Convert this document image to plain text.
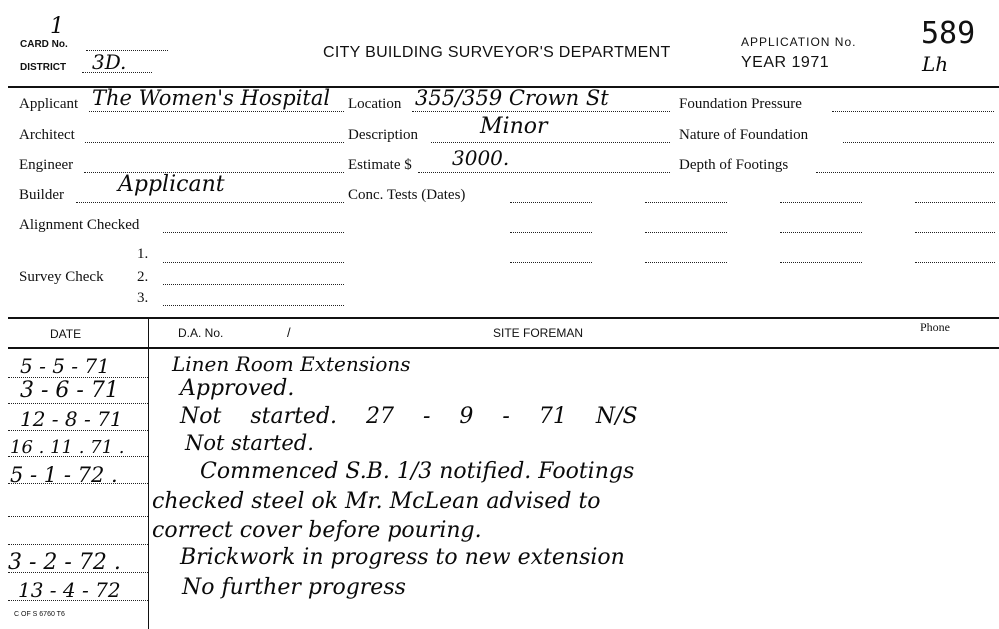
CARD No.
1
DISTRICT 3D.	CITY BUILDING SURVEYOR'S DEPARTMENT
APPLICATION No. 589
YEAR 1971	Lh
Applicant The Women's Hospital Location 355/359 Crown St	Foundation Pressure
Architect	Description	Minor	Nature of Foundation
Engineer	Estimate $ 3000.	Depth of Footings
Builder Applicant	Conc. Tests (Dates)
Alignment Checked
1.
Survey Check 2.
3.
DATE	D.A. No.	/	SITE FOREMAN	Phone
5 - 5 - 71	Linen Room Extensions
3 - 6 - 71	Approved.
12 - 8 - 71	Not started. 27 - 9 - 71 N/S
16 . 11 . 71 .	Not started.
5 - 1 - 72 .	Commenced S.B. 1/3 notified. Footings
checked steel ok Mr. McLean advised to
correct cover before pouring.
3 - 2 - 72 .	Brickwork in progress to new extension
13 - 4 - 72	No further progress
C OF S 6760 T6
